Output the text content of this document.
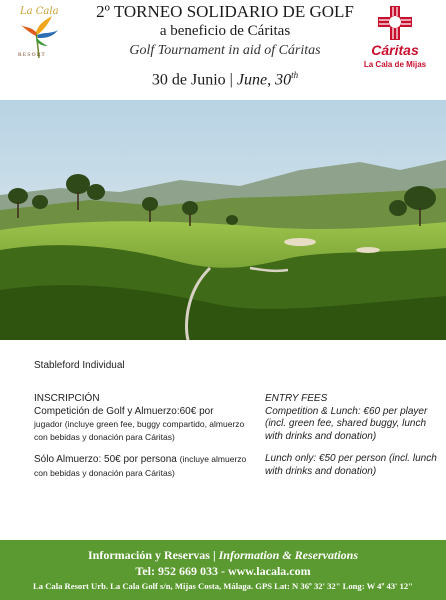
La Cala
RESORT
2º TORNEO SOLIDARIO DE GOLF
a beneficio de Cáritas
Golf Tournament in aid of Cáritas
30 de Junio | June, 30th
Cáritas
La Cala de Mijas
Stableford Individual
INSCRIPCIÓN
Competición de Golf y Almuerzo:60€ por
jugador (incluye green fee, buggy compartido, almuerzo con bebidas y donación para Cáritas)
Sólo Almuerzo: 50€ por persona (incluye almuerzo con bebidas y donación para Cáritas)
ENTRY FEES
Competition & Lunch: €60 per player (incl. green fee, shared buggy, lunch with drinks and donation)
Lunch only: €50 per person (incl. lunch with drinks and donation)
Información y Reservas | Information & Reservations
Tel: 952 669 033 - www.lacala.com
La Cala Resort Urb. La Cala Golf s/n, Mijas Costa, Málaga. GPS Lat: N 36º 32' 32" Long: W 4º 43' 12"
